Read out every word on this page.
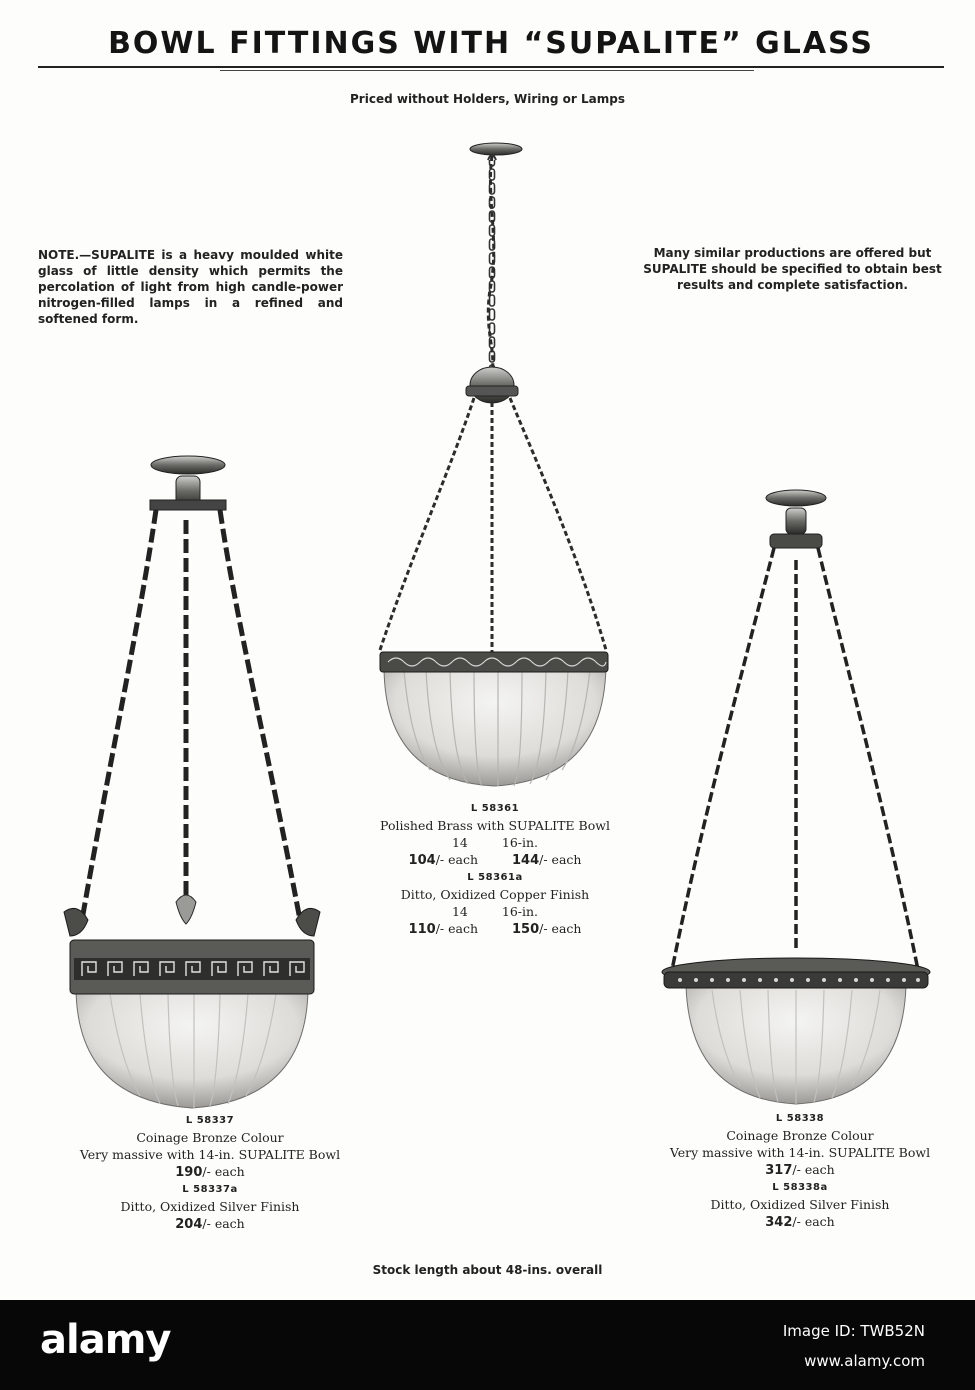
BOWL FITTINGS WITH “SUPALITE” GLASS
Priced without Holders, Wiring or Lamps
NOTE.—SUPALITE is a heavy moulded white glass of little density which permits the percolation of light from high candle-power nitrogen-filled lamps in a refined and softened form.
Many similar productions are offered but SUPALITE should be specified to obtain best results and complete satisfaction.
L 58361
Polished Brass with SUPALITE Bowl
14	16-in.
104/- each	144/- each
L 58361a
Ditto, Oxidized Copper Finish
14	16-in.
110/- each	150/- each
L 58337
Coinage Bronze Colour
Very massive with 14-in. SUPALITE Bowl
190/- each
L 58337a
Ditto, Oxidized Silver Finish
204/- each
L 58338
Coinage Bronze Colour
Very massive with 14-in. SUPALITE Bowl
317/- each
L 58338a
Ditto, Oxidized Silver Finish
342/- each
Stock length about 48-ins. overall
alamy	Image ID: TWB52N
www.alamy.com
